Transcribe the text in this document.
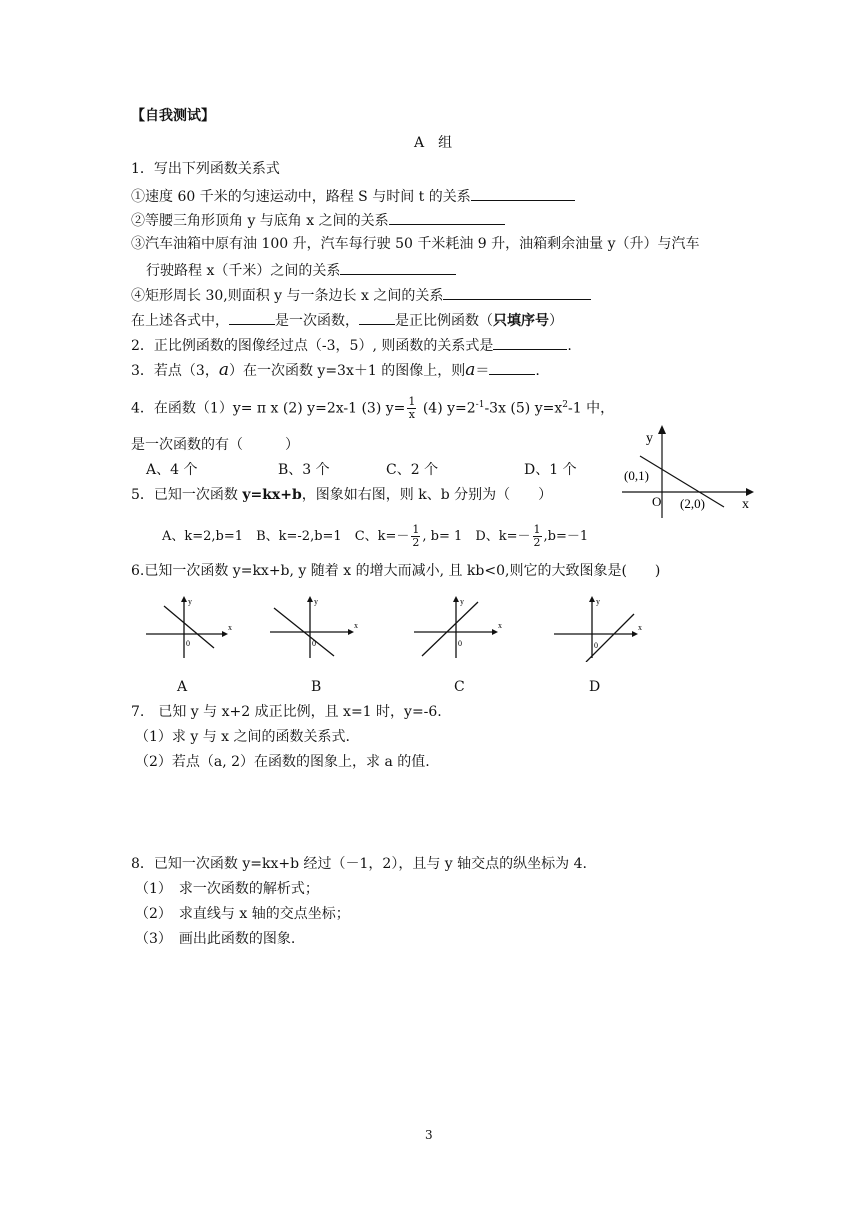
【自我测试】
A　组
1．写出下列函数关系式
①速度 60 千米的匀速运动中，路程 S 与时间 t 的关系
②等腰三角形顶角 y 与底角 x 之间的关系
③汽车油箱中原有油 100 升，汽车每行驶 50 千米耗油 9 升，油箱剩余油量 y（升）与汽车
行驶路程 x（千米）之间的关系
④矩形周长 30,则面积 y 与一条边长 x 之间的关系
在上述各式中，	是一次函数，	是正比例函数（只填序号）
2．正比例函数的图像经过点（-3，5）, 则函数的关系式是	.
3．若点（3，a）在一次函数 y=3x＋1 的图像上，则a＝	.
4．在函数（1）y= π x (2) y=2x-1 (3) $y= \frac{1}{x} (4)$ $y=2^{-1}-3x$ (5) $y=x^2-1$ 中，
是一次函数的有（　　　）
A、4 个	B、3 个	C、2 个	D、1 个
5．已知一次函数 y=kx+b，图象如右图，则 k、b 分别为（　　）
A、k=2,b=1　 B、k=-2,b=1　 C、$k=- \frac{1}{2}$ , b= 1　 D、$k=- \frac{1}{2} ,b=-1$
y
x
O
(0,1)
(2,0)
6.已知一次函数 y=kx+b, y 随着 x 的增大而减小, 且 kb<0,则它的大致图象是(　　)
y
x
0
y
x
0
y
x
0
y
x
0
A	B	C	D
7.　已知 y 与 x+2 成正比例，且 x=1 时，y=-6.
（1）求 y 与 x 之间的函数关系式.
（2）若点（a, 2）在函数的图象上，求 a 的值.
8．已知一次函数 y=kx+b 经过（－1，2），且与 y 轴交点的纵坐标为 4.
（1）　求一次函数的解析式；
（2）　求直线与 x 轴的交点坐标；
（3）　画出此函数的图象.
3
